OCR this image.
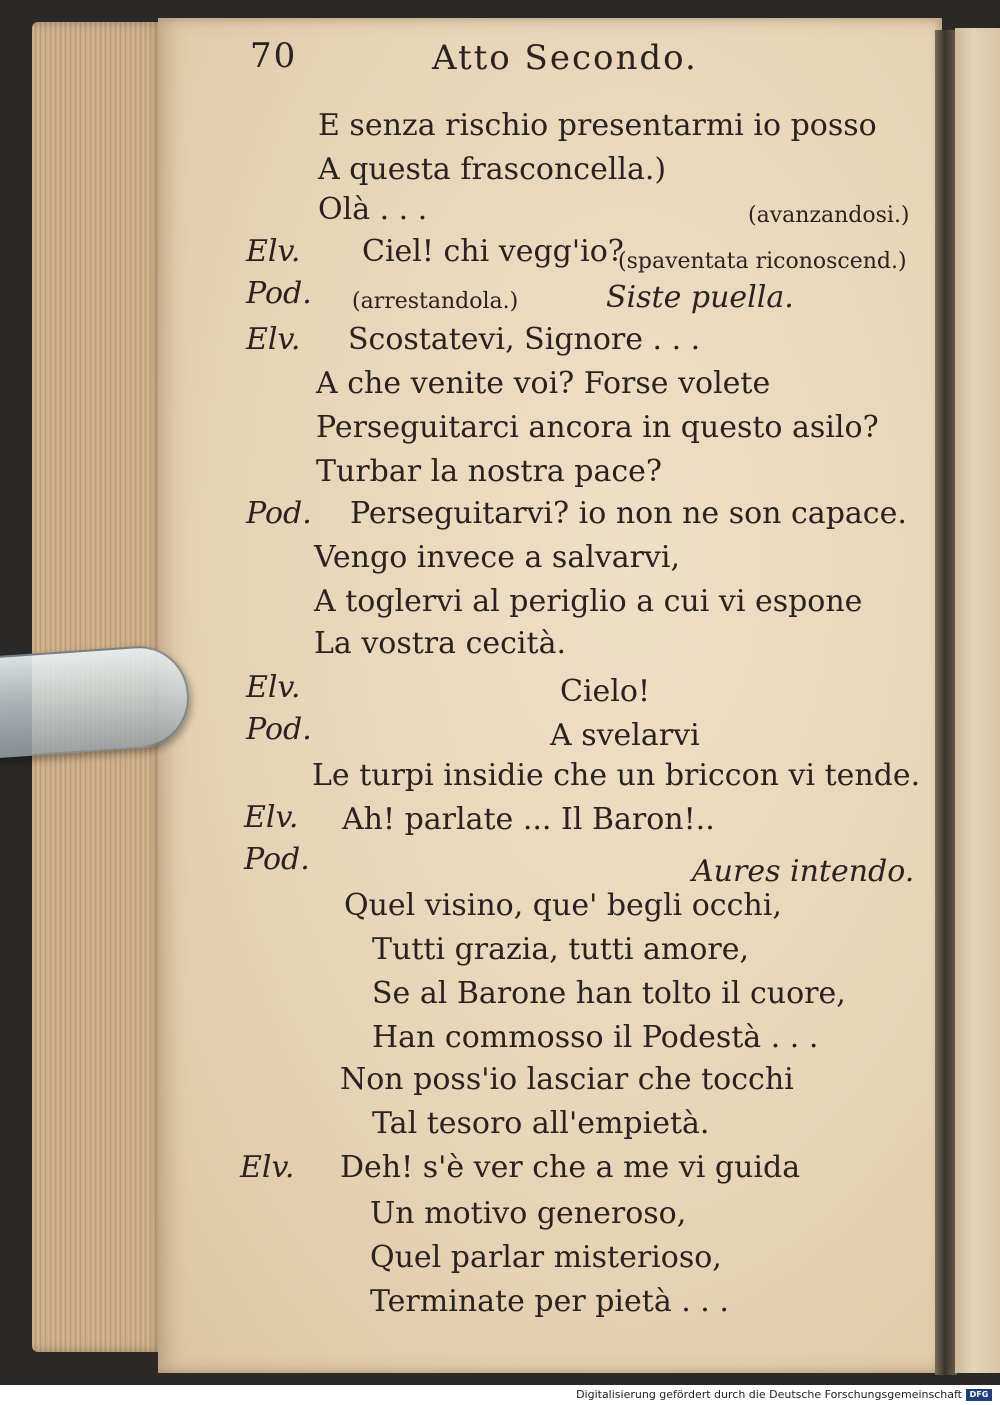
70	Atto Secondo.
E senza rischio presentarmi io posso
A questa frasconcella.)
Olà . . .	(avanzandosi.)
Elv. Ciel! chi vegg'io?
(spaventata riconoscend.)
Pod. (arrestandola.)	Siste puella.
Elv. Scostatevi, Signore . . .
A che venite voi? Forse volete
Perseguitarci ancora in questo asilo?
Turbar la nostra pace?
Pod. Perseguitarvi? io non ne son capace.
Vengo invece a salvarvi,
A toglervi al periglio a cui vi espone
La vostra cecità.
Elv.	Cielo!
Pod.	A svelarvi
Le turpi insidie che un briccon vi tende.
Elv. Ah! parlate ... Il Baron!..
Pod.	Aures intendo.
Quel visino, que' begli occhi,
Tutti grazia, tutti amore,
Se al Barone han tolto il cuore,
Han commosso il Podestà . . .
Non poss'io lasciar che tocchi
Tal tesoro all'empietà.
Elv. Deh! s'è ver che a me vi guida
Un motivo generoso,
Quel parlar misterioso,
Terminate per pietà . . .
Digitalisierung gefördert durch die Deutsche Forschungsgemeinschaft DFG
